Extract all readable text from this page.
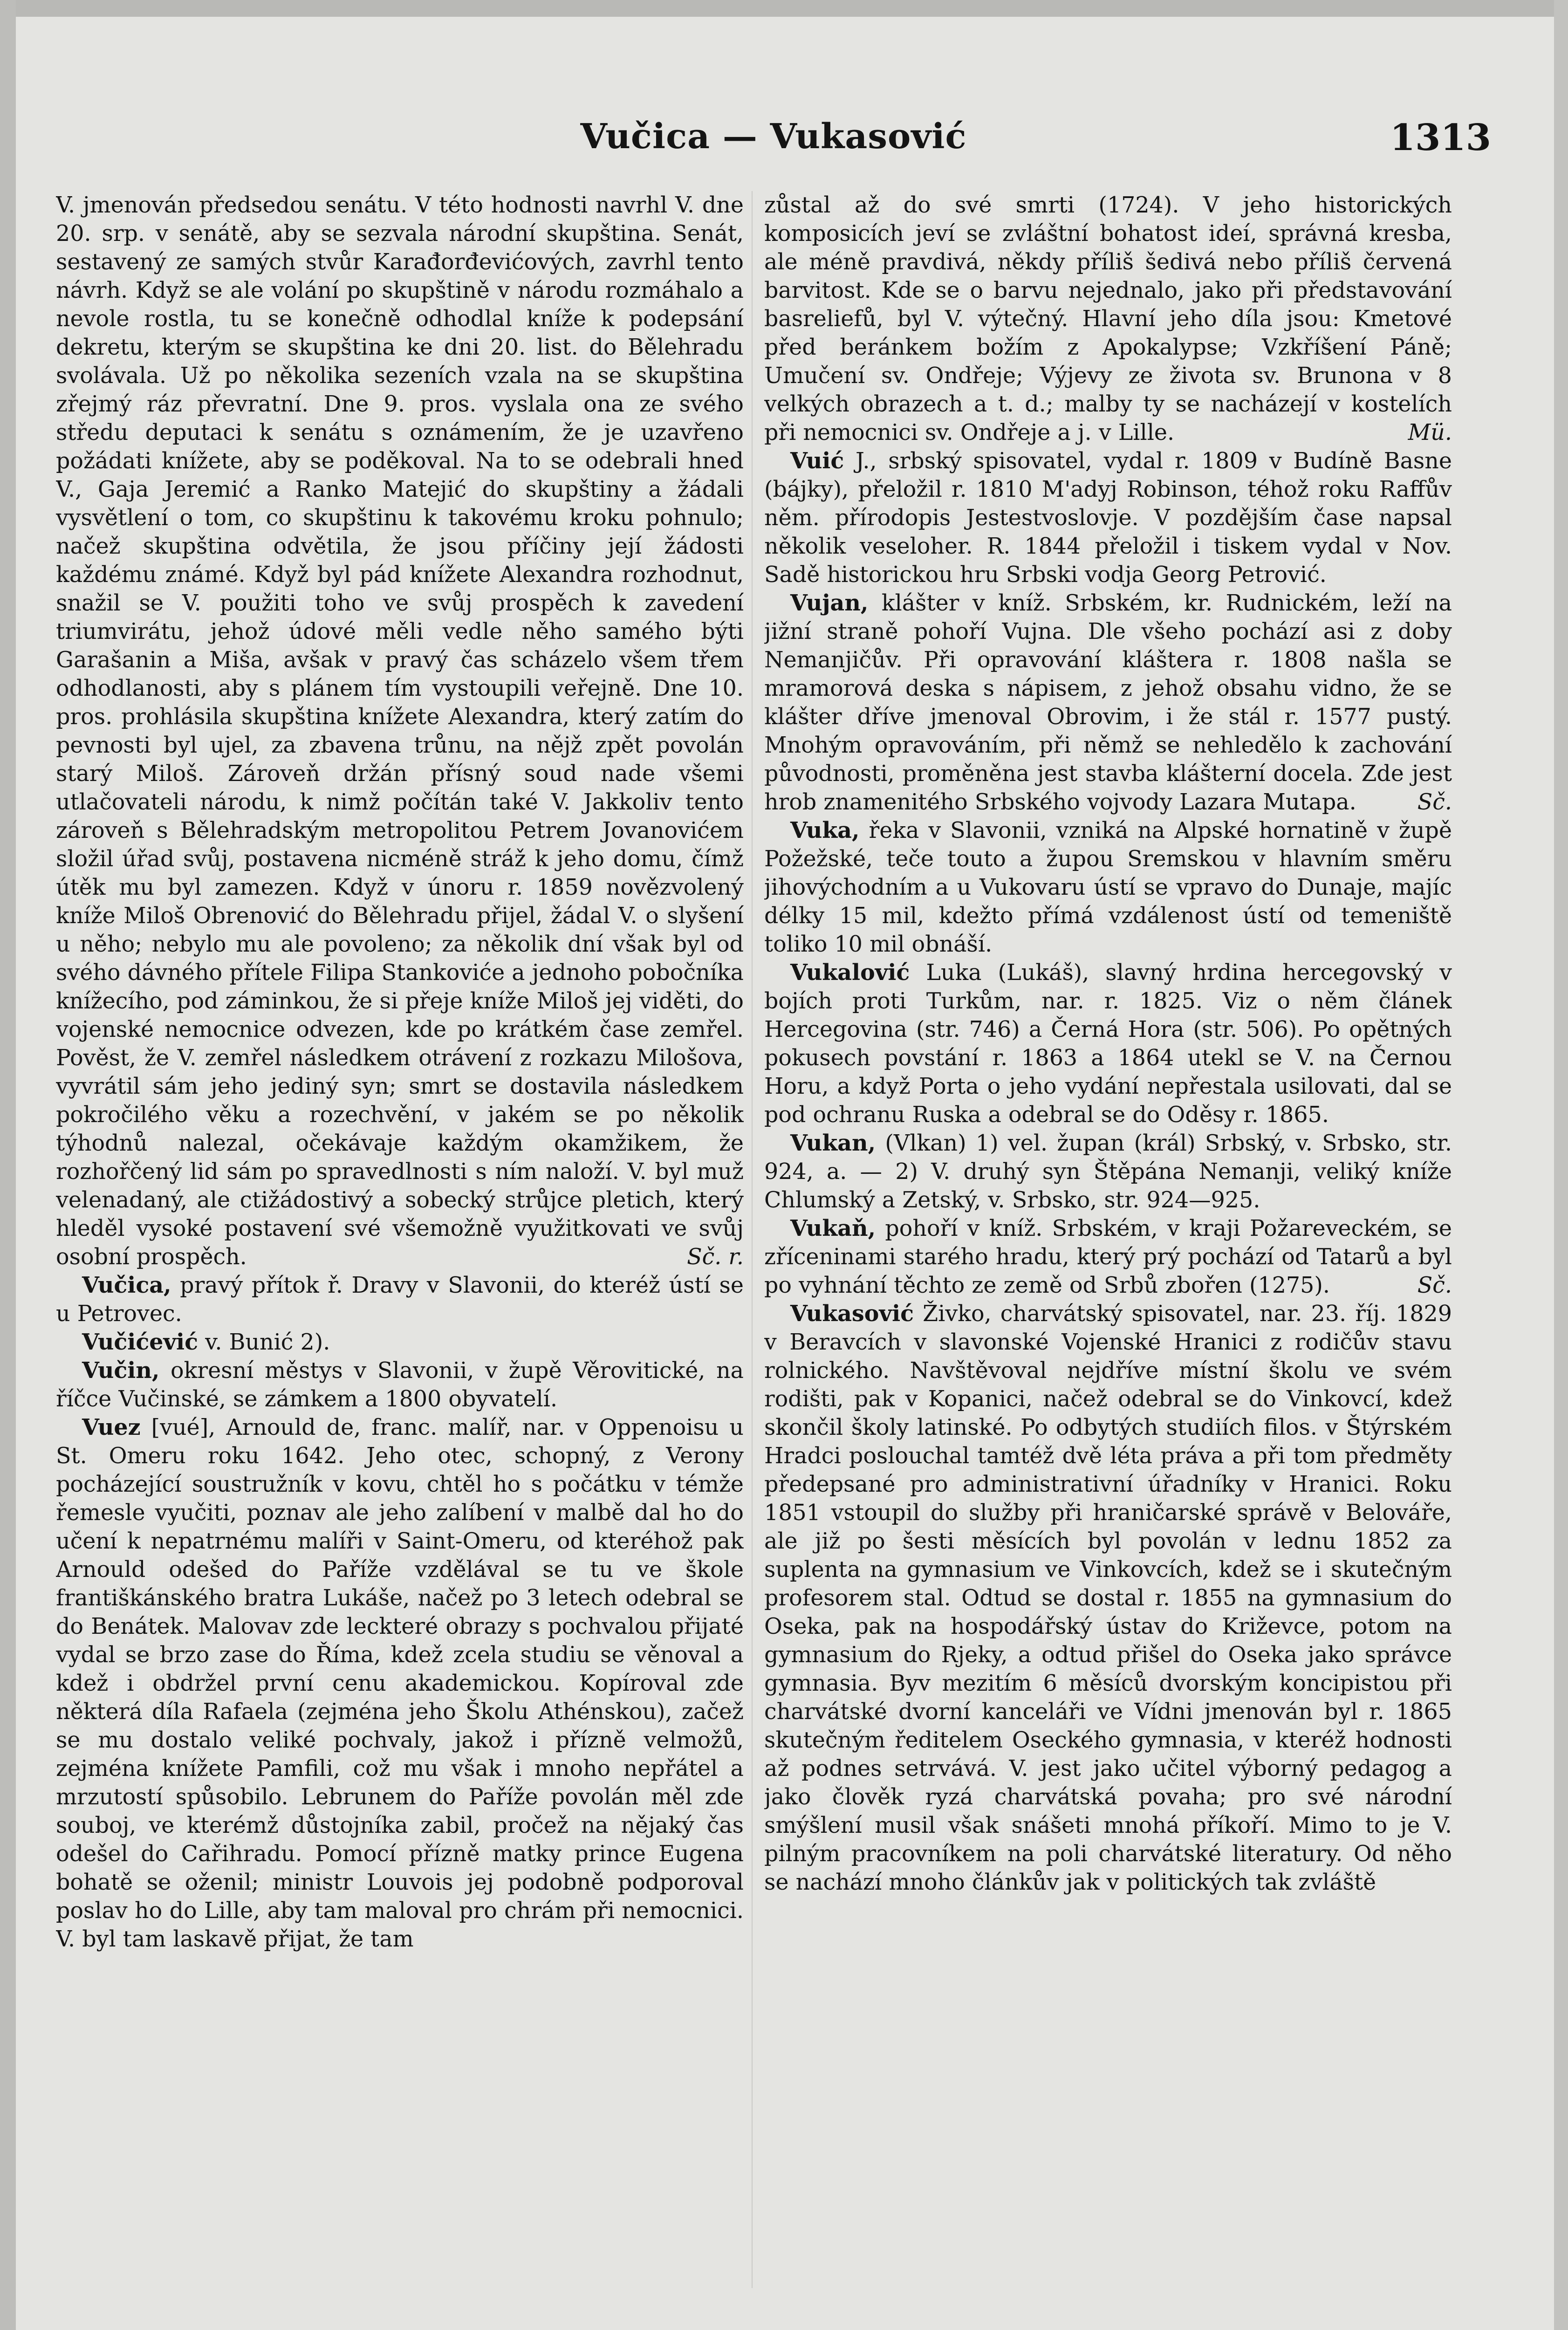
Vučica — Vukasović	1313

V. jmenován předsedou senátu. V této hodnosti navrhl V. dne 20. srp. v senátě, aby se sezvala národní skupština. Senát, sestavený ze samých stvůr Karađorđevićových, zavrhl tento návrh. Když se ale volání po skupštině v národu rozmáhalo a nevole rostla, tu se konečně odhodlal kníže k podepsání dekretu, kterým se skupština ke dni 20. list. do Bělehradu svolávala. Už po několika sezeních vzala na se skupština zřejmý ráz převratní. Dne 9. pros. vyslala ona ze svého středu deputaci k senátu s oznámením, že je uzavřeno požádati knížete, aby se poděkoval. Na to se odebrali hned V., Gaja Jeremić a Ranko Matejić do skupštiny a žádali vysvětlení o tom, co skupštinu k takovému kroku pohnulo; načež skupština odvětila, že jsou příčiny její žádosti každému známé. Když byl pád knížete Alexandra rozhodnut, snažil se V. použiti toho ve svůj prospěch k zavedení triumvirátu, jehož údové měli vedle něho samého býti Garašanin a Miša, avšak v pravý čas scházelo všem třem odhodlanosti, aby s plánem tím vystoupili veřejně. Dne 10. pros. prohlásila skupština knížete Alexandra, který zatím do pevnosti byl ujel, za zbavena trůnu, na nějž zpět povolán starý Miloš. Zároveň držán přísný soud nade všemi utlačovateli národu, k nimž počítán také V. Jakkoliv tento zároveň s Bělehradským metropolitou Petrem Jovanovićem složil úřad svůj, postavena nicméně stráž k jeho domu, čímž útěk mu byl zamezen. Když v únoru r. 1859 novězvolený kníže Miloš Obrenović do Bělehradu přijel, žádal V. o slyšení u něho; nebylo mu ale povoleno; za několik dní však byl od svého dávného přítele Filipa Stankoviće a jednoho pobočníka knížecího, pod záminkou, že si přeje kníže Miloš jej viděti, do vojenské nemocnice odvezen, kde po krátkém čase zemřel. Pověst, že V. zemřel následkem otrávení z rozkazu Milošova, vyvrátil sám jeho jediný syn; smrt se dostavila následkem pokročilého věku a rozechvění, v jakém se po několik týhodnů nalezal, očekávaje každým okamžikem, že rozhořčený lid sám po spravedlnosti s ním naloží. V. byl muž velenadaný, ale ctižádostivý a sobecký strůjce pletich, který hleděl vysoké postavení své všemožně využitkovati ve svůj osobní prospěch.	Sč. r.

Vučica, pravý přítok ř. Dravy v Slavonii, do kteréž ústí se u Petrovec.

Vučićević v. Bunić 2).

Vučin, okresní městys v Slavonii, v župě Věrovitické, na říčce Vučinské, se zámkem a 1800 obyvatelí.

Vuez [vué], Arnould de, franc. malíř, nar. v Oppenoisu u St. Omeru roku 1642. Jeho otec, schopný, z Verony pocházející soustružník v kovu, chtěl ho s počátku v témže řemesle vyučiti, poznav ale jeho zalíbení v malbě dal ho do učení k nepatrnému malíři v Saint-Omeru, od kteréhož pak Arnould odešed do Paříže vzdělával se tu ve škole františkánského bratra Lukáše, načež po 3 letech odebral se do Benátek. Malovav zde leckteré obrazy s pochvalou přijaté vydal se brzo zase do Říma, kdež zcela studiu se věnoval a kdež i obdržel první cenu akademickou. Kopíroval zde některá díla Rafaela (zejména jeho Školu Athénskou), začež se mu dostalo veliké pochvaly, jakož i přízně velmožů, zejména knížete Pamfili, což mu však i mnoho nepřátel a mrzutostí spůsobilo. Lebrunem do Paříže povolán měl zde souboj, ve kterémž důstojníka zabil, pročež na nějaký čas odešel do Cařihradu. Pomocí přízně matky prince Eugena bohatě se oženil; ministr Louvois jej podobně podporoval poslav ho do Lille, aby tam maloval pro chrám při nemocnici. V. byl tam laskavě přijat, že tam

zůstal až do své smrti (1724). V jeho historických komposicích jeví se zvláštní bohatost ideí, správná kresba, ale méně pravdivá, někdy příliš šedivá nebo příliš červená barvitost. Kde se o barvu nejednalo, jako při představování basreliefů, byl V. výtečný. Hlavní jeho díla jsou: Kmetové před beránkem božím z Apokalypse; Vzkříšení Páně; Umučení sv. Ondřeje; Výjevy ze života sv. Brunona v 8 velkých obrazech a t. d.; malby ty se nacházejí v kostelích při nemocnici sv. Ondřeje a j. v Lille.	Mü.

Vuić J., srbský spisovatel, vydal r. 1809 v Budíně Basne (bájky), přeložil r. 1810 M'adyj Robinson, téhož roku Raffův něm. přírodopis Jestestvoslovje. V pozdějším čase napsal několik veseloher. R. 1844 přeložil i tiskem vydal v Nov. Sadě historickou hru Srbski vodja Georg Petrović.

Vujan, klášter v kníž. Srbském, kr. Rudnickém, leží na jižní straně pohoří Vujna. Dle všeho pochází asi z doby Nemanjičův. Při opravování kláštera r. 1808 našla se mramorová deska s nápisem, z jehož obsahu vidno, že se klášter dříve jmenoval Obrovim, i že stál r. 1577 pustý. Mnohým opravováním, při němž se nehledělo k zachování původnosti, proměněna jest stavba klášterní docela. Zde jest hrob znamenitého Srbského vojvody Lazara Mutapa.	Sč.

Vuka, řeka v Slavonii, vzniká na Alpské hornatině v župě Požežské, teče touto a župou Sremskou v hlavním směru jihovýchodním a u Vukovaru ústí se vpravo do Dunaje, majíc délky 15 mil, kdežto přímá vzdálenost ústí od temeniště toliko 10 mil obnáší.

Vukalović Luka (Lukáš), slavný hrdina hercegovský v bojích proti Turkům, nar. r. 1825. Viz o něm článek Hercegovina (str. 746) a Černá Hora (str. 506). Po opětných pokusech povstání r. 1863 a 1864 utekl se V. na Černou Horu, a když Porta o jeho vydání nepřestala usilovati, dal se pod ochranu Ruska a odebral se do Oděsy r. 1865.

Vukan, (Vlkan) 1) vel. župan (král) Srbský, v. Srbsko, str. 924, a. — 2) V. druhý syn Štěpána Nemanji, veliký kníže Chlumský a Zetský, v. Srbsko, str. 924—925.

Vukaň, pohoří v kníž. Srbském, v kraji Požareveckém, se zříceninami starého hradu, který prý pochází od Tatarů a byl po vyhnání těchto ze země od Srbů zbořen (1275).	Sč.

Vukasović Živko, charvátský spisovatel, nar. 23. říj. 1829 v Beravcích v slavonské Vojenské Hranici z rodičův stavu rolnického. Navštěvoval nejdříve místní školu ve svém rodišti, pak v Kopanici, načež odebral se do Vinkovcí, kdež skončil školy latinské. Po odbytých studiích filos. v Štýrském Hradci poslouchal tamtéž dvě léta práva a při tom předměty předepsané pro administrativní úřadníky v Hranici. Roku 1851 vstoupil do služby při hraničarské správě v Belováře, ale již po šesti měsících byl povolán v lednu 1852 za suplenta na gymnasium ve Vinkovcích, kdež se i skutečným profesorem stal. Odtud se dostal r. 1855 na gymnasium do Oseka, pak na hospodářský ústav do Križevce, potom na gymnasium do Rjeky, a odtud přišel do Oseka jako správce gymnasia. Byv mezitím 6 měsíců dvorským koncipistou při charvátské dvorní kanceláři ve Vídni jmenován byl r. 1865 skutečným ředitelem Oseckého gymnasia, v kteréž hodnosti až podnes setrvává. V. jest jako učitel výborný pedagog a jako člověk ryzá charvátská povaha; pro své národní smýšlení musil však snášeti mnohá příkoří. Mimo to je V. pilným pracovníkem na poli charvátské literatury. Od něho se nachází mnoho článkův jak v politických tak zvláště
